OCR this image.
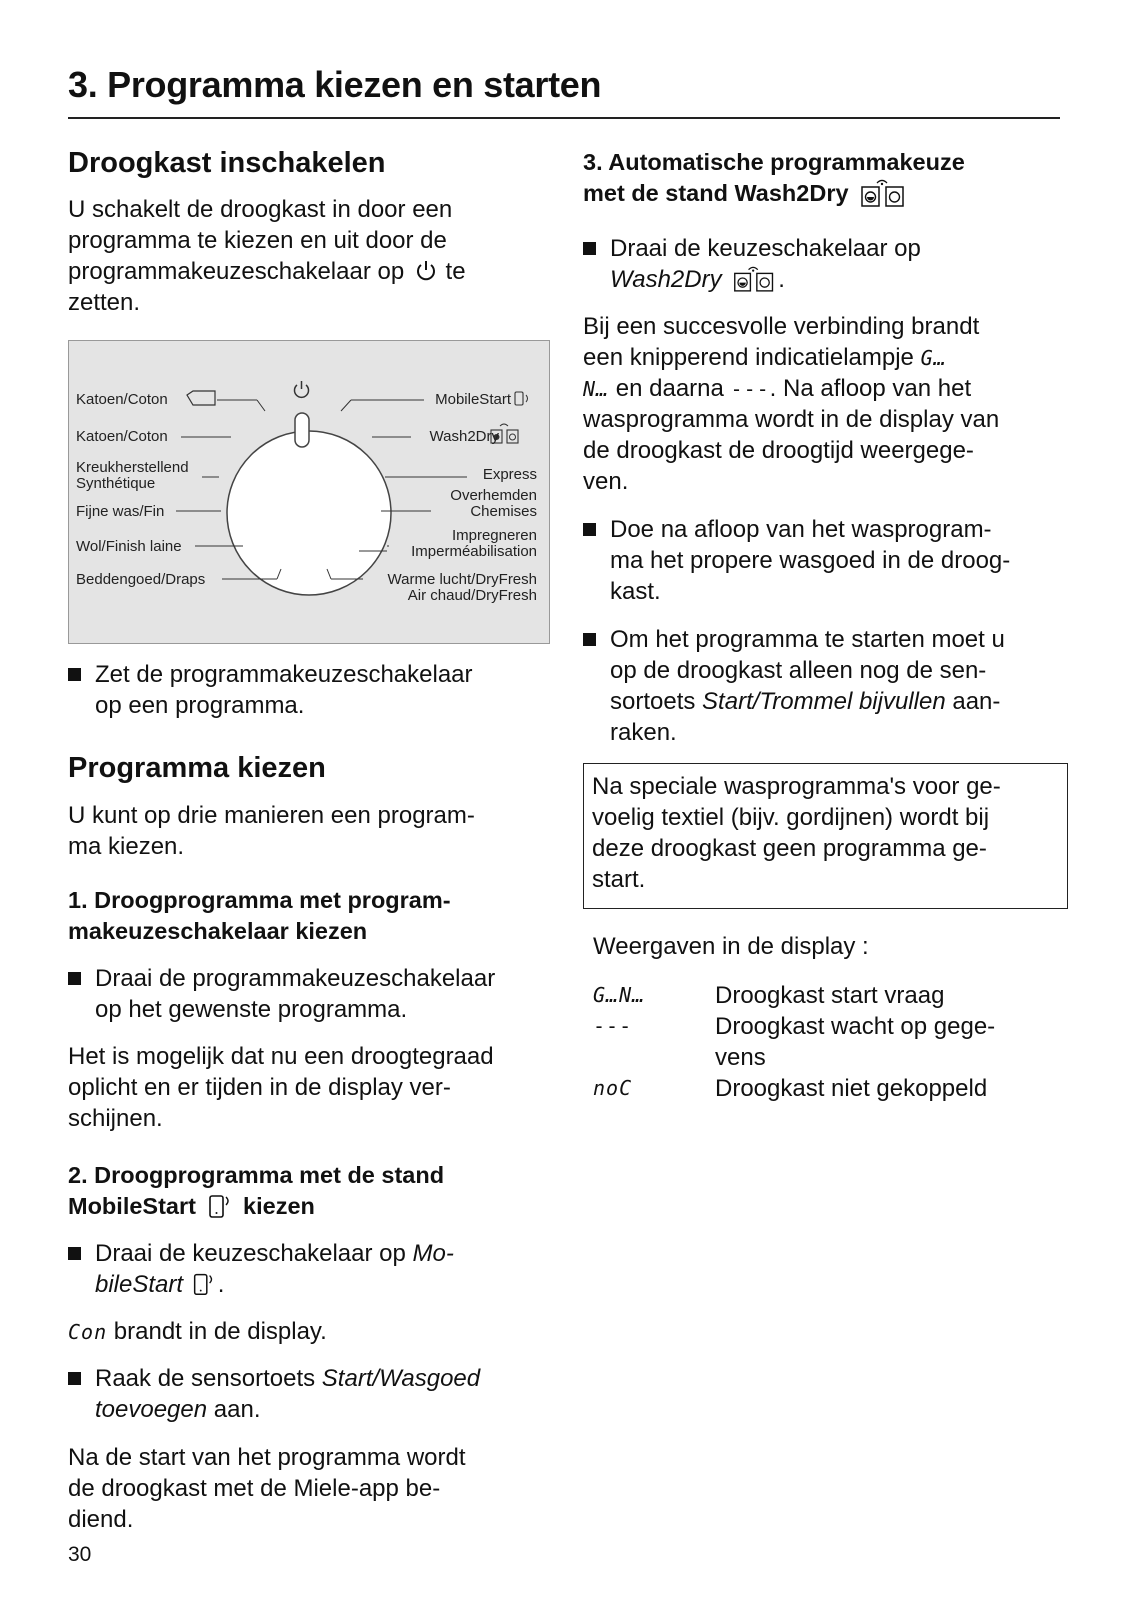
3. Programma kiezen en starten
Droogkast inschakelen
U schakelt de droogkast in door een
programma te kiezen en uit door de
programmakeuzeschakelaar op te
zetten.
Katoen/Coton
Katoen/Coton
Kreukherstellend
Synthétique
Fijne was/Fin
Wol/Finish laine
Beddengoed/Draps
MobileStart
Wash2Dry
Express
Overhemden
Chemises
Impregneren
Imperméabilisation
Warme lucht/DryFresh
Air chaud/DryFresh
Zet de programmakeuzeschakelaar
op een programma.
Programma kiezen
U kunt op drie manieren een program-
ma kiezen.
1. Droogprogramma met program-
makeuzeschakelaar kiezen
Draai de programmakeuzeschakelaar
op het gewenste programma.
Het is mogelijk dat nu een droogtegraad
oplicht en er tijden in de display ver-
schijnen.
2. Droogprogramma met de stand
MobileStart kiezen
Draai de keuzeschakelaar op Mo-
bileStart .
Con brandt in de display.
Raak de sensortoets Start/Wasgoed
toevoegen aan.
Na de start van het programma wordt
de droogkast met de Miele-app be-
diend.
30
3. Automatische programmakeuze
met de stand Wash2Dry
Draai de keuzeschakelaar op
Wash2Dry .
Bij een succesvolle verbinding brandt
een knipperend indicatielampje G…
N… en daarna ---. Na afloop van het
wasprogramma wordt in de display van
de droogkast de droogtijd weergege-
ven.
Doe na afloop van het wasprogram-
ma het propere wasgoed in de droog-
kast.
Om het programma te starten moet u
op de droogkast alleen nog de sen-
sortoets Start/Trommel bijvullen aan-
raken.
Na speciale wasprogramma's voor ge-
voelig textiel (bijv. gordijnen) wordt bij
deze droogkast geen programma ge-
start.
Weergaven in de display :
G…N…	Droogkast start vraag
---	Droogkast wacht op gege-
vens
noC	Droogkast niet gekoppeld
